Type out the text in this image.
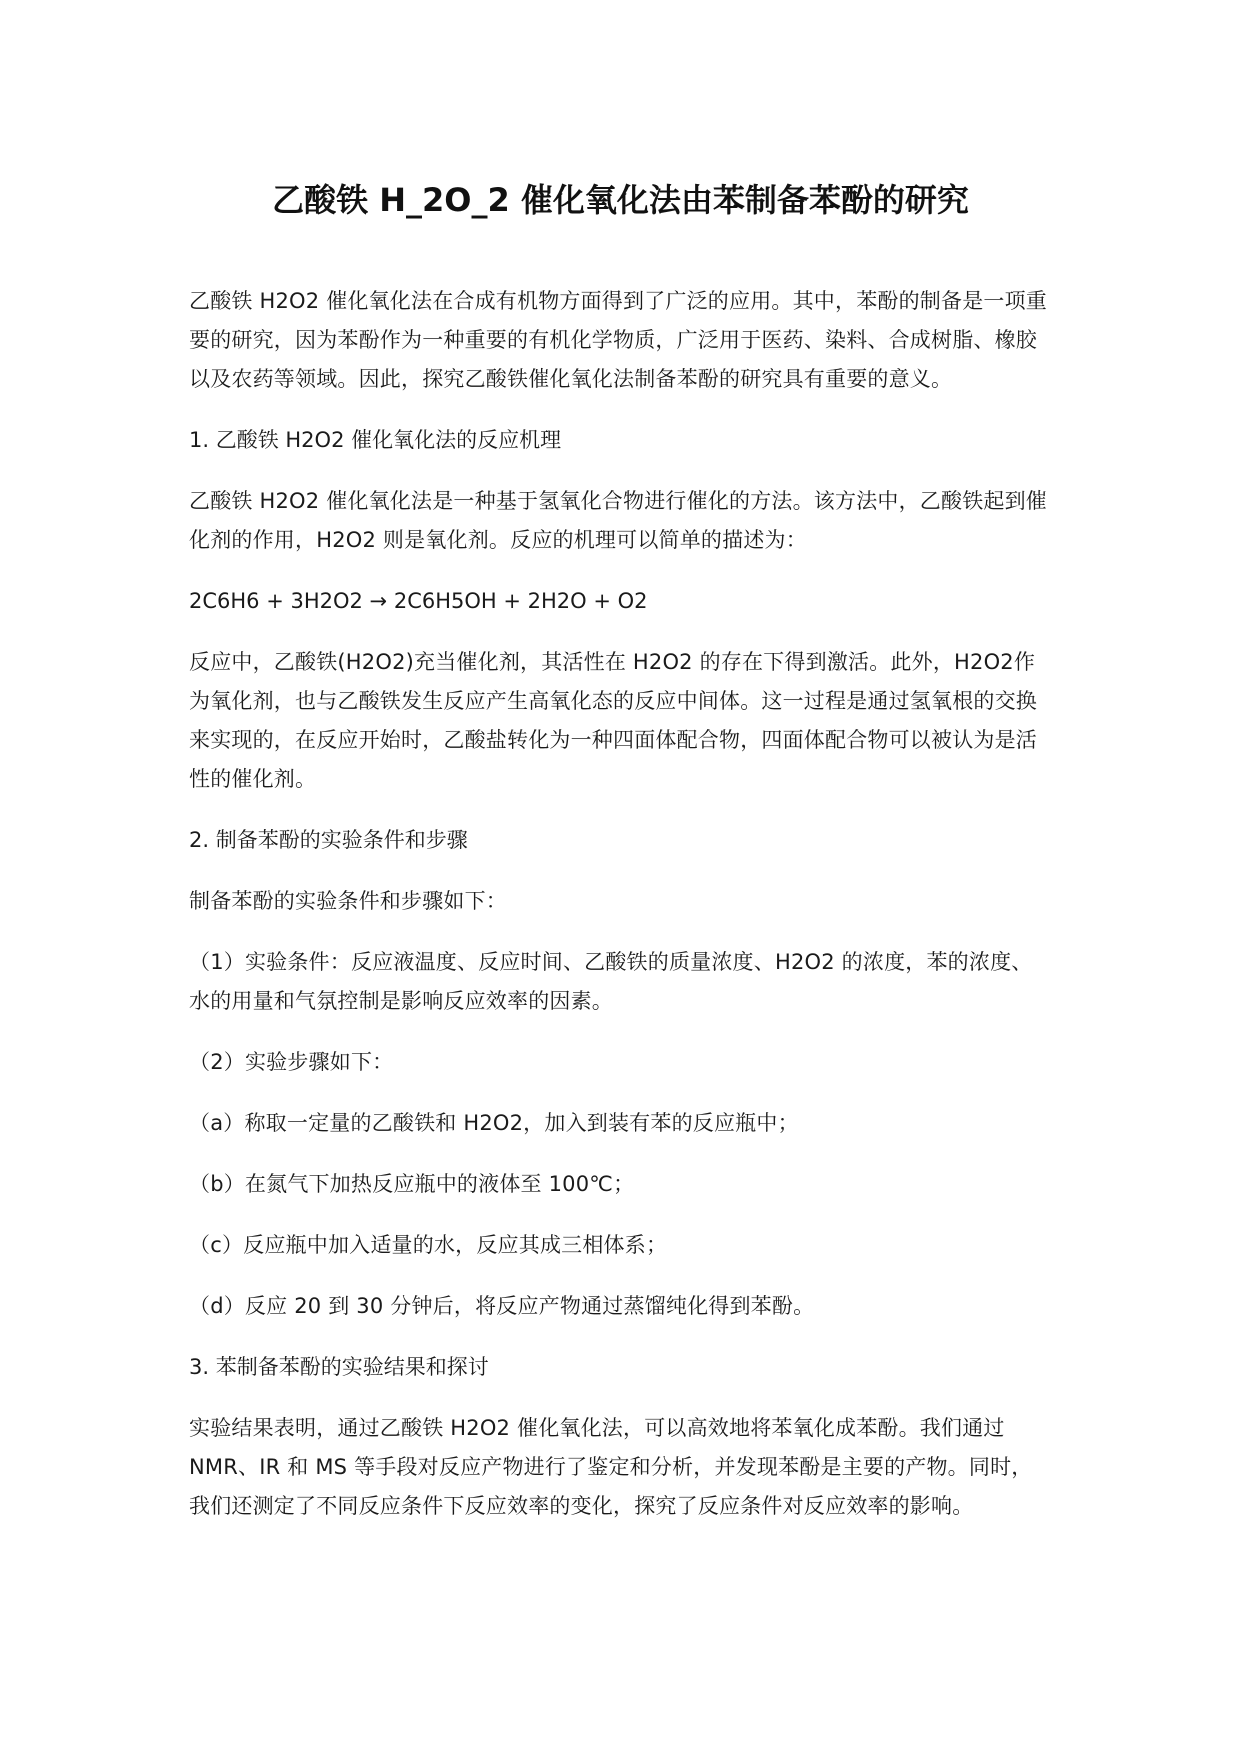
乙酸铁 H_2O_2 催化氧化法由苯制备苯酚的研究

乙酸铁 H2O2 催化氧化法在合成有机物方面得到了广泛的应用。其中，苯酚的制备是一项重要的研究，因为苯酚作为一种重要的有机化学物质，广泛用于医药、染料、合成树脂、橡胶以及农药等领域。因此，探究乙酸铁催化氧化法制备苯酚的研究具有重要的意义。

1. 乙酸铁 H2O2 催化氧化法的反应机理

乙酸铁 H2O2 催化氧化法是一种基于氢氧化合物进行催化的方法。该方法中，乙酸铁起到催化剂的作用，H2O2 则是氧化剂。反应的机理可以简单的描述为：

2C6H6 + 3H2O2 → 2C6H5OH + 2H2O + O2

反应中，乙酸铁(H2O2)充当催化剂，其活性在 H2O2 的存在下得到激活。此外，H2O2作为氧化剂，也与乙酸铁发生反应产生高氧化态的反应中间体。这一过程是通过氢氧根的交换来实现的，在反应开始时，乙酸盐转化为一种四面体配合物，四面体配合物可以被认为是活性的催化剂。

2. 制备苯酚的实验条件和步骤

制备苯酚的实验条件和步骤如下：

（1）实验条件：反应液温度、反应时间、乙酸铁的质量浓度、H2O2 的浓度，苯的浓度、水的用量和气氛控制是影响反应效率的因素。

（2）实验步骤如下：

（a）称取一定量的乙酸铁和 H2O2，加入到装有苯的反应瓶中；

（b）在氮气下加热反应瓶中的液体至 100℃；

（c）反应瓶中加入适量的水，反应其成三相体系；

（d）反应 20 到 30 分钟后，将反应产物通过蒸馏纯化得到苯酚。

3. 苯制备苯酚的实验结果和探讨

实验结果表明，通过乙酸铁 H2O2 催化氧化法，可以高效地将苯氧化成苯酚。我们通过 NMR、IR 和 MS 等手段对反应产物进行了鉴定和分析，并发现苯酚是主要的产物。同时，我们还测定了不同反应条件下反应效率的变化，探究了反应条件对反应效率的影响。
